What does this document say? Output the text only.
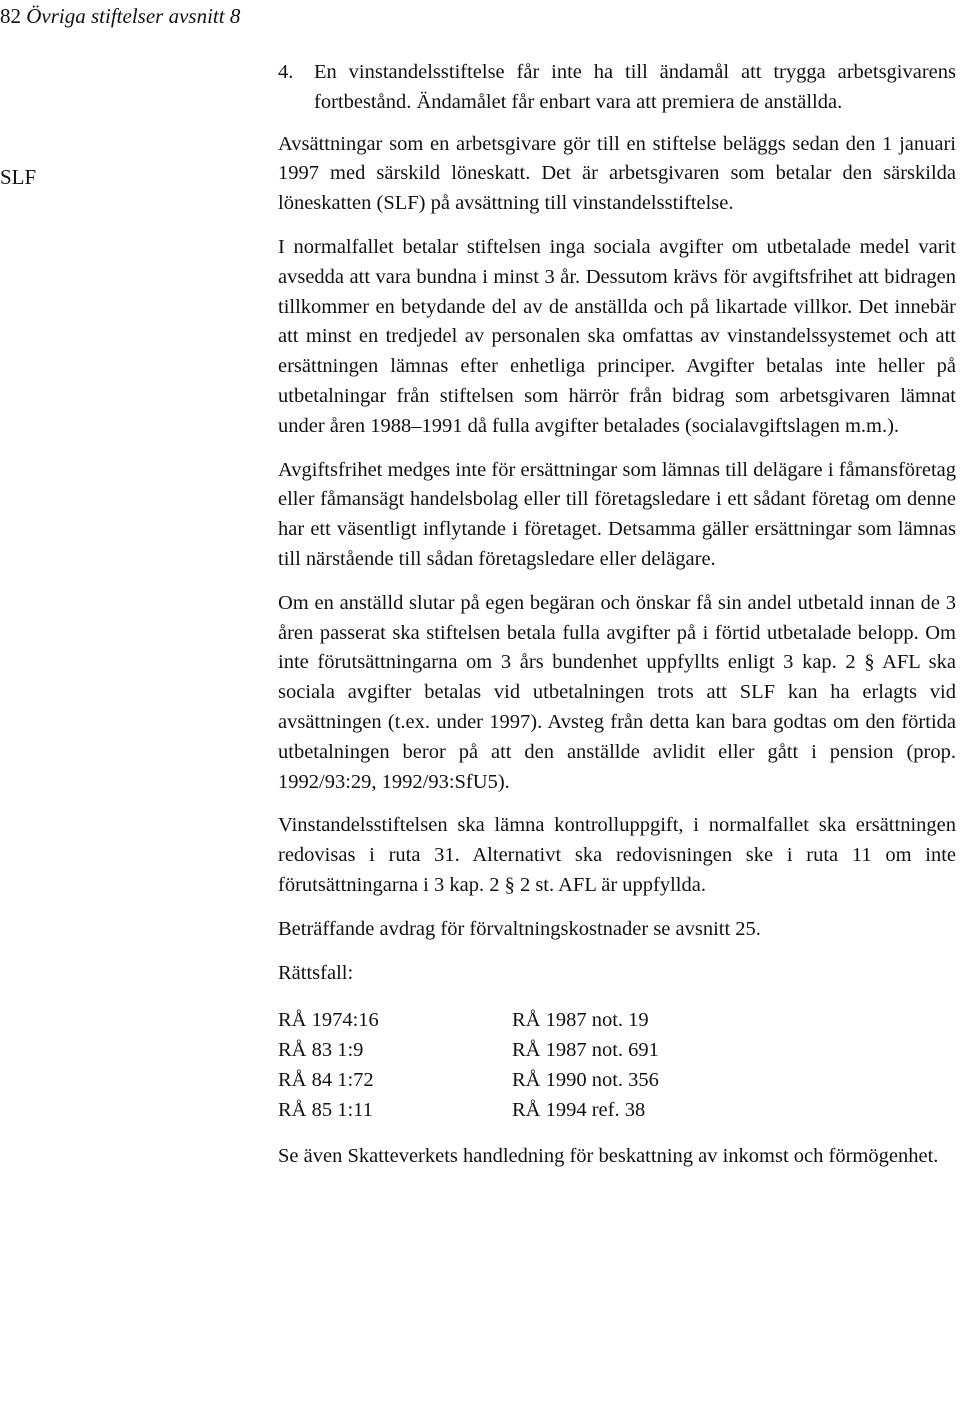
82 Övriga stiftelser avsnitt 8
SLF
4.	En vinstandelsstiftelse får inte ha till ändamål att trygga arbetsgivarens fortbestånd. Ändamålet får enbart vara att premiera de anställda.

Avsättningar som en arbetsgivare gör till en stiftelse beläggs sedan den 1 januari 1997 med särskild löneskatt. Det är arbetsgivaren som betalar den särskilda löneskatten (SLF) på avsättning till vinstandelsstiftelse.

I normalfallet betalar stiftelsen inga sociala avgifter om utbetalade medel varit avsedda att vara bundna i minst 3 år. Dessutom krävs för avgiftsfrihet att bidragen tillkommer en betydande del av de anställda och på likartade villkor. Det innebär att minst en tredjedel av personalen ska omfattas av vinstandelssystemet och att ersättningen lämnas efter enhetliga principer. Avgifter betalas inte heller på utbetalningar från stiftelsen som härrör från bidrag som arbetsgivaren lämnat under åren 1988–1991 då fulla avgifter betalades (socialavgiftslagen m.m.).

Avgiftsfrihet medges inte för ersättningar som lämnas till delägare i fåmansföretag eller fåmansägt handelsbolag eller till företagsledare i ett sådant företag om denne har ett väsentligt inflytande i företaget. Detsamma gäller ersättningar som lämnas till närstående till sådan företagsledare eller delägare.

Om en anställd slutar på egen begäran och önskar få sin andel utbetald innan de 3 åren passerat ska stiftelsen betala fulla avgifter på i förtid utbetalade belopp. Om inte förutsättningarna om 3 års bundenhet uppfyllts enligt 3 kap. 2 § AFL ska sociala avgifter betalas vid utbetalningen trots att SLF kan ha erlagts vid avsättningen (t.ex. under 1997). Avsteg från detta kan bara godtas om den förtida utbetalningen beror på att den anställde avlidit eller gått i pension (prop. 1992/93:29, 1992/93:SfU5).

Vinstandelsstiftelsen ska lämna kontrolluppgift, i normalfallet ska ersättningen redovisas i ruta 31. Alternativt ska redovisningen ske i ruta 11 om inte förutsättningarna i 3 kap. 2 § 2 st. AFL är uppfyllda.

Beträffande avdrag för förvaltningskostnader se avsnitt 25.

Rättsfall:

RÅ 1974:16	RÅ 1987 not. 19
RÅ 83 1:9	RÅ 1987 not. 691
RÅ 84 1:72	RÅ 1990 not. 356
RÅ 85 1:11	RÅ 1994 ref. 38

Se även Skatteverkets handledning för beskattning av inkomst och förmögenhet.
